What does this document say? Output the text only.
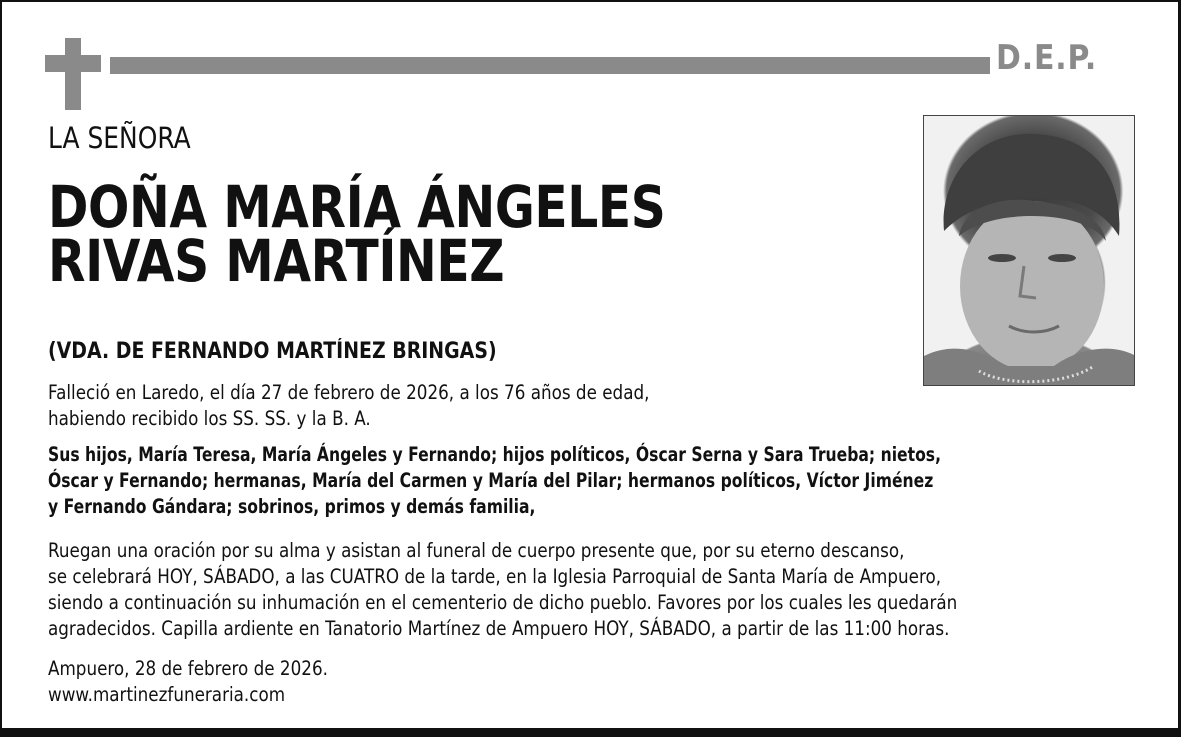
D.E.P.
LA SEÑORA
DOÑA MARÍA ÁNGELES
RIVAS MARTÍNEZ
(VDA. DE FERNANDO MARTÍNEZ BRINGAS)
Falleció en Laredo, el día 27 de febrero de 2026, a los 76 años de edad,
habiendo recibido los SS. SS. y la B. A.
Sus hijos, María Teresa, María Ángeles y Fernando; hijos políticos, Óscar Serna y Sara Trueba; nietos,
Óscar y Fernando; hermanas, María del Carmen y María del Pilar; hermanos políticos, Víctor Jiménez
y Fernando Gándara; sobrinos, primos y demás familia,
Ruegan una oración por su alma y asistan al funeral de cuerpo presente que, por su eterno descanso,
se celebrará HOY, SÁBADO, a las CUATRO de la tarde, en la Iglesia Parroquial de Santa María de Ampuero,
siendo a continuación su inhumación en el cementerio de dicho pueblo. Favores por los cuales les quedarán
agradecidos. Capilla ardiente en Tanatorio Martínez de Ampuero HOY, SÁBADO, a partir de las 11:00 horas.
Ampuero, 28 de febrero de 2026.
www.martinezfuneraria.com
